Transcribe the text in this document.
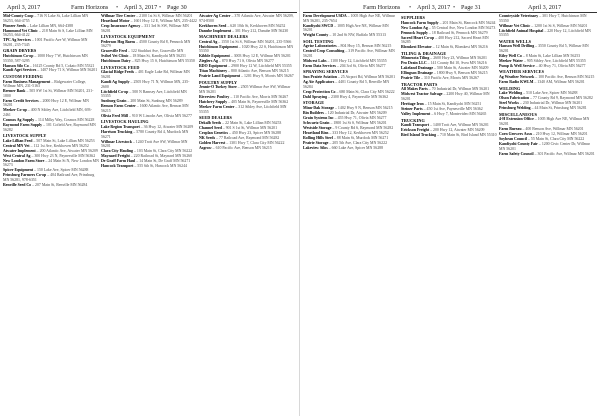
April 3, 2017	Farm Horizons • April 3, 2017 • Page 30
Mid-County Coop – 716 N Lake St, Lake Lillian MN 56253, 664-4755
Pioneer Seeds – Lake Lillian MN, 664-4388
Hammond Vet Clinic – 218 Main St S, Lake Lillian MN 56253, 664-4122
TPC Ag Services – 1001 Pacific Ave W, Willmar MN 56201, 235-7345
GRAIN DRYERS
Hutchinson Co-op – 1000 Hwy 7 W, Hutchinson MN 55350, 587-3295
Hanson Silo Co – 16125 County Rd 5, Cokato MN 55321
Kandi Agri Services – 1407 Hwy 71 S, Willmar MN 56201
CUSTOM FEEDING
Farm Business Management – Ridgewater College, Willmar MN, 231-5163
Bremer Bank – 505 SW 1st St, Willmar MN 56201, 231-1800
Farm Credit Services – 2000 Hwy 12 E, Willmar MN 56201
Meeker Co-op – 400 N Sibley Ave, Litchfield MN, 693-2461
Cosmos Ag Supply – 114 Milky Way, Cosmos MN 56228
Raymond Farm Supply – 101 Cofield Ave, Raymond MN 56282
LIVESTOCK SUPPLY
Lake Lillian Feed – 507 Main St, Lake Lillian MN 56253
Central MN Vet – 112 1st Ave, Kerkhoven MN 56252
Atwater Implement – 200 Atlantic Ave, Atwater MN 56209
West Central Ag – 300 Hwy 23 N, Paynesville MN 56362
New London Farm Store – 24 Main St N, New London MN 56273
Spicer Equipment – 150 Lake Ave, Spicer MN 56288
Prinsburg Farmers Co-op – 404 Railroad Ave, Prinsburg MN 56281, 978-6351
Renville Seed Co – 207 Main St, Renville MN 56284
Willmar Tire Center – 2100 1st St S, Willmar MN 56201
Heartland Motor – 1601 Hwy 12 E, Willmar MN, 235-4422
Crop Insurance Agency – 331 3rd St SW, Willmar MN 56201
LIVESTOCK EQUIPMENT
Pederson Hog Barns – 4500 County Rd 8, Pennock MN 56279
Graceville Feed – 122 Studdart Ave, Graceville MN
Svihel Vet Clinic – 18 Main St, Kandiyohi MN 56251
Hutchinson Dairy – 825 Hwy 15 S, Hutchinson MN 55350
LIVESTOCK FEED
Glacial Ridge Feeds – 401 Eagle Lake Rd, Willmar MN 56201
Kandi Ag Supply – 2505 Hwy 71 N, Willmar MN, 235-2600
Litchfield Co-op – 500 N Ramsey Ave, Litchfield MN 55355
Sunburg Grain – 200 Main St, Sunburg MN 56289
Benson Farm Center – 1600 Atlantic Ave, Benson MN 56215
Olivia Feed Mill – 910 W Lincoln Ave, Olivia MN 56277
LIVESTOCK HAULING
Lake Region Transport – 36 Hwy 12, Atwater MN 56209
Harrison Trucking – 5780 County Rd 4, Murdock MN 56271
Willmar Livestock – 1240 Trott Ave SW, Willmar MN 56201
Clara City Hauling – 103 Main St, Clara City MN 56222
Maynard Freight – 220 Railroad St, Maynard MN 56260
De Graff Farm Haul – 14 Main St, De Graff MN 56271
Hancock Transport – 555 6th St, Hancock MN 56244
Atwater Ag Center – 370 Atlantic Ave, Atwater MN 56209, 974-8500
Kerkhoven Seed – 620 10th St, Kerkhoven MN 56252
Danube Implement – 301 Hwy 212, Danube MN 56230
MACHINERY DEALERS
Central Ag – 1550 1st St S, Willmar MN 56201, 235-5566
Hutchinson Equipment – 1020 Hwy 22 S, Hutchinson MN 55350
Kibble Equipment – 3003 Hwy 12 E, Willmar MN 56201
Zieglers Ag – 870 Hwy 71 S, Olivia MN 56277
RDO Equipment – 2900 Hwy 12 W, Litchfield MN 55355
Titan Machinery – 800 Atlantic Ave, Benson MN 56215
Prairie Land Equipment – 1201 Hwy 9, Morris MN 56267
POULTRY SUPPLY
Jennie-O Turkey Store – 2505 Willmar Ave SW, Willmar MN 56201
Riverview Poultry – 110 Pacific Ave, Morris MN 56267
Hatchery Supply – 405 Main St, Paynesville MN 56362
Meeker Farm Center – 312 Sibley Ave, Litchfield MN 55355
SEED DEALERS
Dekalb Seeds – 22 Main St, Lake Lillian MN 56253
Channel Seed – 901 S 1st St, Willmar MN 56201
Croplan Genetics – 450 Hwy 23, Spicer MN 56288
NK Seeds – 77 Railroad Ave, Raymond MN 56282
Golden Harvest – 1301 Hwy 7, Clara City MN 56222
Asgrow – 610 Pacific Ave, Benson MN 56215
Farm Horizons • April 3, 2017 • Page 31	April 3, 2017
Farm Development USDA – 1005 High Ave NE, Willmar MN 56201, 235-7654
Kandiyohi SWCD – 1005 High Ave NE, Willmar MN 56201
Wright County – 10 2nd St NW, Buffalo MN 55313
SOIL TESTING
Agvise Laboratories – 804 Hwy 15, Benson MN 56215
Centrol Crop Consulting – 319 Pacific Ave, Willmar MN 56201
Midwest Labs – 1100 Hwy 12, Litchfield MN 55355
Farm Data Services – 204 3rd St, Olivia MN 56277
SPRAYING SERVICES
Sun Prairie Aviation – 25 Airport Rd, Willmar MN 56201
Ag Air Applicators – 4401 County Rd 5, Renville MN 56284
Crop Protection Co – 680 Main St, Clara City MN 56222
Dahl Spraying – 2300 Hwy 4, Paynesville MN 56362
STORAGE
Minn-Dak Storage – 1402 Hwy 9 N, Benson MN 56215
Bin Builders – 120 Industrial Dr, Atwater MN 56209
Grain Systems Inc – 455 Hwy 71, Olivia MN 56277
Schwartz Grain – 1800 1st St S, Willmar MN 56201
Westside Storage – 9 County Rd 6, Raymond MN 56282
Heartland Bins – 333 Hwy 12, Kerkhoven MN 56252
Rolling Hills Steel – 88 Main St, Murdock MN 56271
Prairie Storage – 205 5th Ave, Clara City MN 56222
Lakeview Silos – 660 Lake Ave, Spicer MN 56288
SUPPLIERS
Hancock Farm Supply – 201 Main St, Hancock MN 56244
New London Ag – 55 Central Ave, New London MN 56273
Pennock Supply – 18 Railroad St, Pennock MN 56279
Sacred Heart Co-op – 400 Hwy 212, Sacred Heart MN 56285
Blomkest Elevator – 12 Main St, Blomkest MN 56216
TILING & DRAINAGE
Minnesota Tiling – 2600 Hwy 23, Willmar MN 56201
Pro Drain LLC – 141 County Rd 10, Svea MN 56216
Lakeland Drainage – 500 Main St, Atwater MN 56209
Ellingson Drainage – 1800 Hwy 9, Benson MN 56215
Prairie Tile – 310 Pacific Ave, Morris MN 56267
TRACTOR PARTS
All Makes Parts – 70 Industrial Dr, Willmar MN 56201
Midwest Tractor Salvage – 2200 Hwy 40, Willmar MN 56201
Heritage Iron – 15 Main St, Kandiyohi MN 56251
Steiner Parts – 450 1st Ave, Paynesville MN 56362
Valley Implement – 6 Hwy 7, Montevideo MN 56265
TRUCKING
Kandi Transport – 1400 Trott Ave, Willmar MN 56201
Erickson Freight – 200 Hwy 12, Atwater MN 56209
Bird Island Trucking – 710 Main St, Bird Island MN 55310
Countryside Veterinary – 301 Hwy 7, Hutchinson MN 55350
Willmar Vet Clinic – 1200 1st St S, Willmar MN 56201
Litchfield Animal Hospital – 220 Hwy 12, Litchfield MN 55355
WATER WELLS
Hanson Well Drilling – 3550 County Rd 5, Willmar MN 56201
Riley Well Co – 8 Main St, Lake Lillian MN 56253
Meeker Water – 905 Sibley Ave, Litchfield MN 55355
Pump & Well Service – 40 Hwy 71, Olivia MN 56277
WEATHER SERVICES
Ag Weather Network – 100 Pacific Ave, Benson MN 56215
Farm Radio KWLM – 1340 AM, Willmar MN 56201
WELDING
Lake Welding – 510 Lake Ave, Spicer MN 56288
Olson Fabrication – 77 County Rd 9, Raymond MN 56282
Steel Works – 230 Industrial Dr, Willmar MN 56201
Prinsburg Welding – 44 Main St, Prinsburg MN 56281
MISCELLANEOUS
4-H Extension Office – 1005 High Ave NE, Willmar MN 56201
Farm Bureau – 400 Benson Ave, Willmar MN 56201
Corn Growers Assn – 210 Hwy 12, Willmar MN 56201
Soybean Council – 55 Main St, Clara City MN 56222
Kandiyohi County Fair – 1200 Civic Center Dr, Willmar MN 56201
Farm Safety Council – 301 Pacific Ave, Willmar MN 56201
